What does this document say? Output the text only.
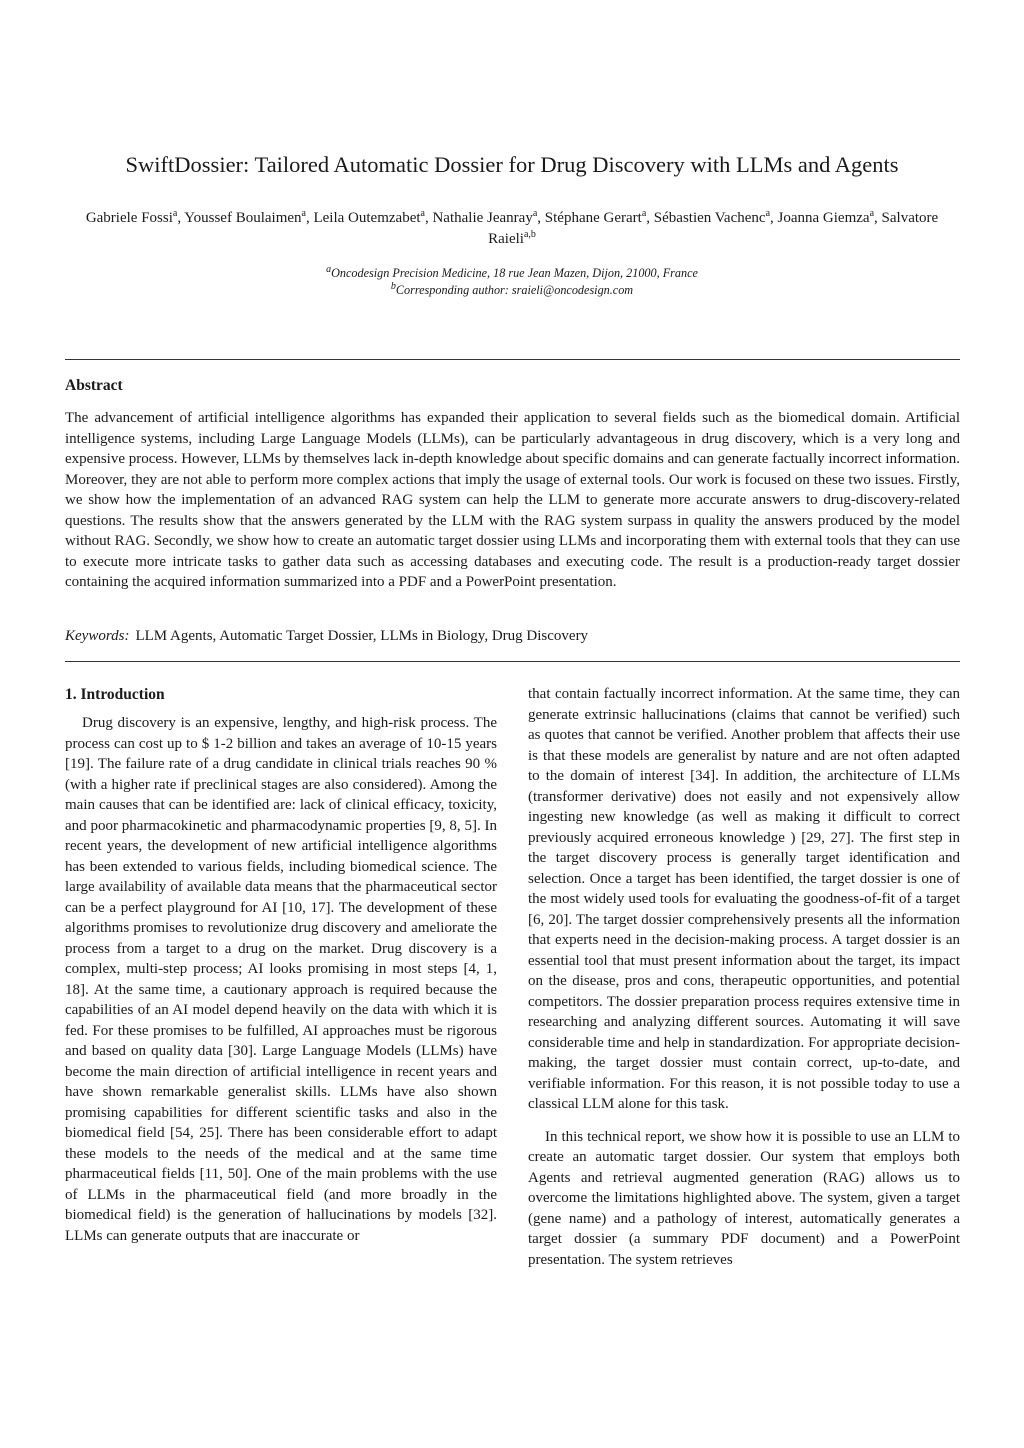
SwiftDossier: Tailored Automatic Dossier for Drug Discovery with LLMs and Agents
Gabriele Fossi$^a$, Youssef Boulaimen$^a$, Leila Outemzabet$^a$, Nathalie Jeanray$^a$, Stéphane Gerart$^a$, Sébastien Vachenc$^a$, Joanna Giemza$^a$, Salvatore Raieli$^{a,b}$
$^a$Oncodesign Precision Medicine, 18 rue Jean Mazen, Dijon, 21000, France
$^b$Corresponding author: sraieli@oncodesign.com
Abstract
The advancement of artificial intelligence algorithms has expanded their application to several fields such as the biomedical domain. Artificial intelligence systems, including Large Language Models (LLMs), can be particularly advantageous in drug discovery, which is a very long and expensive process. However, LLMs by themselves lack in-depth knowledge about specific domains and can generate factually incorrect information. Moreover, they are not able to perform more complex actions that imply the usage of external tools. Our work is focused on these two issues. Firstly, we show how the implementation of an advanced RAG system can help the LLM to generate more accurate answers to drug-discovery-related questions. The results show that the answers generated by the LLM with the RAG system surpass in quality the answers produced by the model without RAG. Secondly, we show how to create an automatic target dossier using LLMs and incorporating them with external tools that they can use to execute more intricate tasks to gather data such as accessing databases and executing code. The result is a production-ready target dossier containing the acquired information summarized into a PDF and a PowerPoint presentation.
Keywords: LLM Agents, Automatic Target Dossier, LLMs in Biology, Drug Discovery
1. Introduction

Drug discovery is an expensive, lengthy, and high-risk process. The process can cost up to $ 1-2 billion and takes an average of 10-15 years [19]. The failure rate of a drug candidate in clinical trials reaches 90 % (with a higher rate if preclinical stages are also considered). Among the main causes that can be identified are: lack of clinical efficacy, toxicity, and poor pharmacokinetic and pharmacodynamic properties [9, 8, 5]. In recent years, the development of new artificial intelligence algorithms has been extended to various fields, including biomedical science. The large availability of available data means that the pharmaceutical sector can be a perfect playground for AI [10, 17]. The development of these algorithms promises to revolutionize drug discovery and ameliorate the process from a target to a drug on the market. Drug discovery is a complex, multi-step process; AI looks promising in most steps [4, 1, 18]. At the same time, a cautionary approach is required because the capabilities of an AI model depend heavily on the data with which it is fed. For these promises to be fulfilled, AI approaches must be rigorous and based on quality data [30]. Large Language Models (LLMs) have become the main direction of artificial intelligence in recent years and have shown remarkable generalist skills. LLMs have also shown promising capabilities for different scientific tasks and also in the biomedical field [54, 25]. There has been considerable effort to adapt these models to the needs of the medical and at the same time pharmaceutical fields [11, 50]. One of the main problems with the use of LLMs in the pharmaceutical field (and more broadly in the biomedical field) is the generation of hallucinations by models [32]. LLMs can generate outputs that are inaccurate or

that contain factually incorrect information. At the same time, they can generate extrinsic hallucinations (claims that cannot be verified) such as quotes that cannot be verified. Another problem that affects their use is that these models are generalist by nature and are not often adapted to the domain of interest [34]. In addition, the architecture of LLMs (transformer derivative) does not easily and not expensively allow ingesting new knowledge (as well as making it difficult to correct previously acquired erroneous knowledge ) [29, 27]. The first step in the target discovery process is generally target identification and selection. Once a target has been identified, the target dossier is one of the most widely used tools for evaluating the goodness-of-fit of a target [6, 20]. The target dossier comprehensively presents all the information that experts need in the decision-making process. A target dossier is an essential tool that must present information about the target, its impact on the disease, pros and cons, therapeutic opportunities, and potential competitors. The dossier preparation process requires extensive time in researching and analyzing different sources. Automating it will save considerable time and help in standardization. For appropriate decision-making, the target dossier must contain correct, up-to-date, and verifiable information. For this reason, it is not possible today to use a classical LLM alone for this task.

In this technical report, we show how it is possible to use an LLM to create an automatic target dossier. Our system that employs both Agents and retrieval augmented generation (RAG) allows us to overcome the limitations highlighted above. The system, given a target (gene name) and a pathology of interest, automatically generates a target dossier (a summary PDF document) and a PowerPoint presentation. The system retrieves
